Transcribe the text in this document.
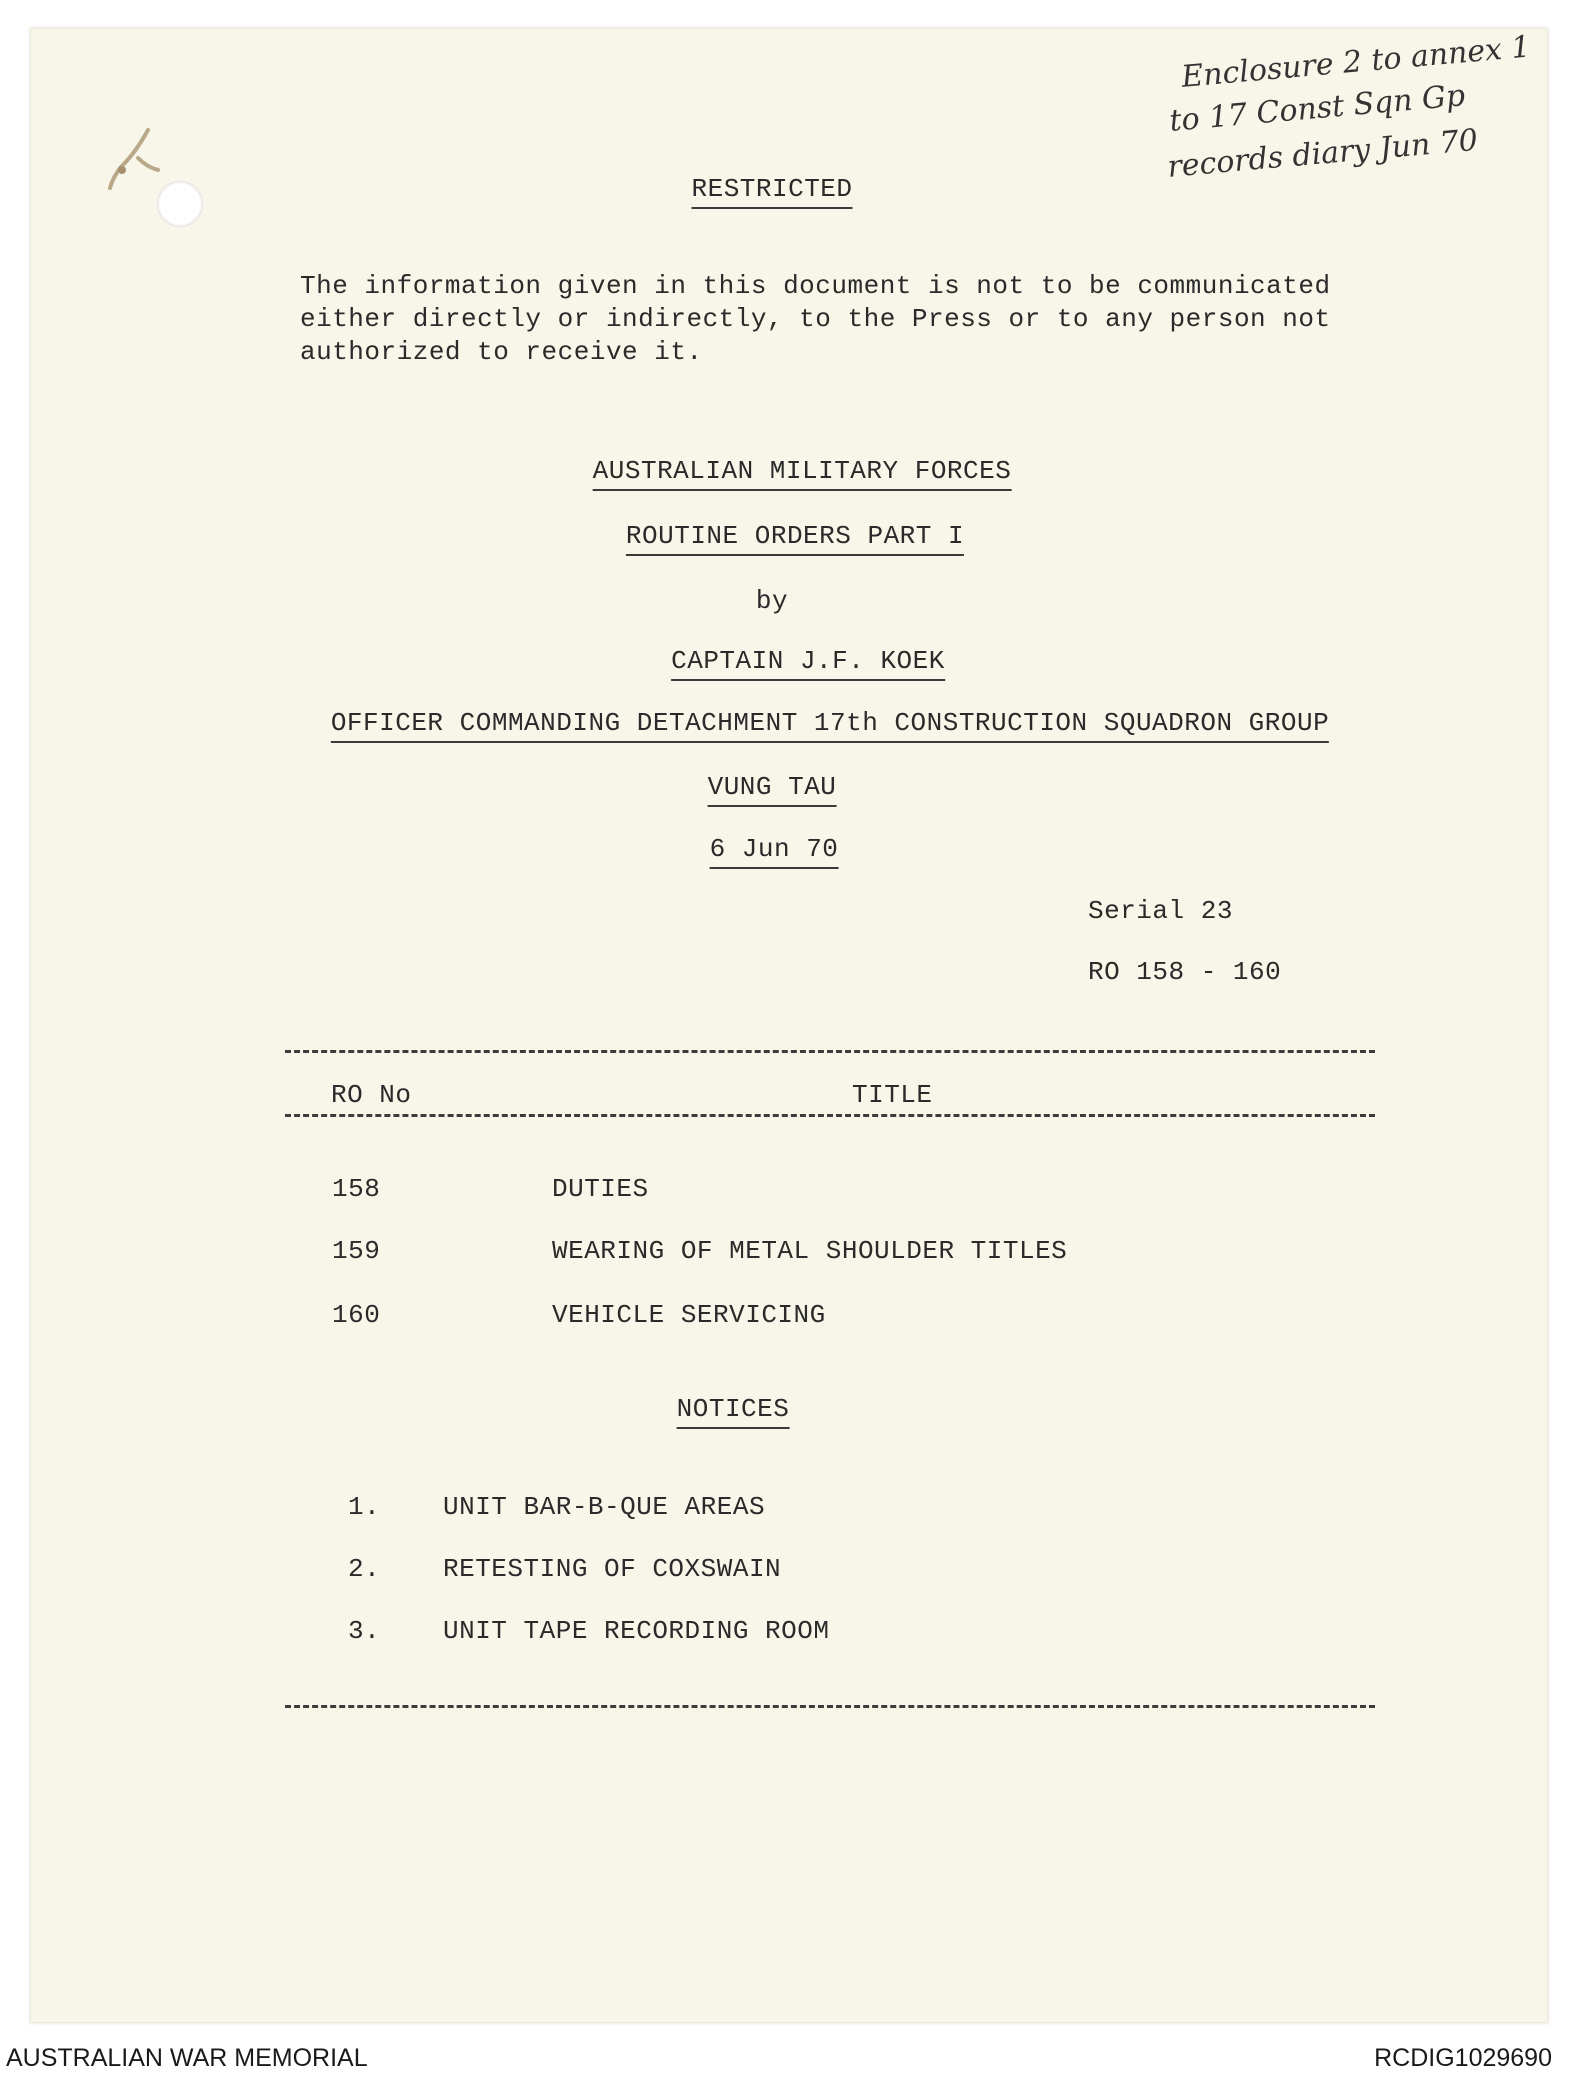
Enclosure 2 to annex 1
to 17 Const Sqn Gp
records diary Jun 70
RESTRICTED
The information given in this document is not to be communicated
either directly or indirectly, to the Press or to any person not
authorized to receive it.
AUSTRALIAN MILITARY FORCES
ROUTINE ORDERS PART I
by
CAPTAIN J.F. KOEK
OFFICER COMMANDING DETACHMENT 17th CONSTRUCTION SQUADRON GROUP
VUNG TAU
6 Jun 70
Serial 23
RO 158 - 160
RO No	TITLE
158	DUTIES
159	WEARING OF METAL SHOULDER TITLES
160	VEHICLE SERVICING
NOTICES
1. UNIT BAR-B-QUE AREAS
2. RETESTING OF COXSWAIN
3. UNIT TAPE RECORDING ROOM
AUSTRALIAN WAR MEMORIAL	RCDIG1029690
